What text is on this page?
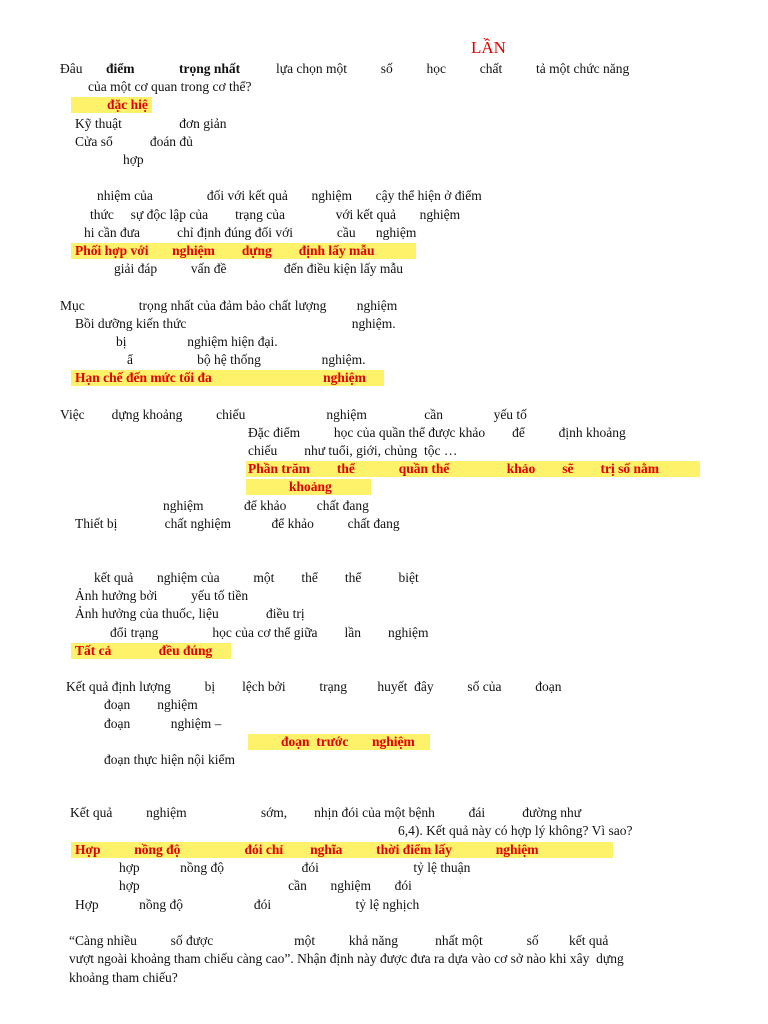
LẦN
Đâu điểm	trọng nhất	lựa chọn một          số          học          chất          tả một chức năng
của một cơ quan trong cơ thể?
đặc hiệ
Kỹ thuật                 đơn giản
Cửa sổ           đoán đủ
hợp
nhiệm của                đối với kết quả       nghiệm       cậy thể hiện ở điểm
thức     sự độc lập của        trạng của               với kết quả       nghiệm
hi cần đưa           chỉ định đúng đối với             cầu      nghiệm
Phối hợp với       nghiệm        dựng        định lấy mẫu
giải đáp          vấn đề                 đến điều kiện lấy mẫu
Mục                trọng nhất của đảm bảo chất lượng         nghiệm
Bồi dưỡng kiến thức                                                 nghiệm.
bị                  nghiệm hiện đại.
ẩ                   bộ hệ thống                  nghiệm.
Hạn chế đến mức tối đa                                 nghiệm
Việc        dựng khoảng          chiếu                        nghiệm                 cần               yếu tố
Đặc điểm          học của quần thể được khảo        để          định khoảng
chiếu        như tuổi, giới, chủng  tộc …
Phần trăm        thể             quần thể                 khảo        sẽ        trị số nằm
khoảng
nghiệm            để khảo         chất đang
Thiết bị              chất nghiệm            để khảo          chất đang
kết quả       nghiệm của          một        thể        thể           biệt
Ảnh hưởng bởi          yếu tố tiền
Ảnh hưởng của thuốc, liệu              điều trị
đổi trạng                học của cơ thể giữa        lần        nghiệm
Tất cả              đều đúng
Kết quả định lượng          bị        lệch bởi          trạng         huyết  đây          số của          đoạn
đoạn        nghiệm
đoạn            nghiệm –
đoạn  trước       nghiệm
đoạn thực hiện nội kiểm
Kết quả          nghiệm                      sớm,        nhịn đói của một bệnh          đái           đường như
6,4). Kết quả này có hợp lý không? Vì sao?
Hợp          nồng độ                   đói chỉ        nghĩa          thời điểm lấy             nghiệm
hợp            nồng độ                       đói                            tỷ lệ thuận
hợp                                            cần       nghiệm       đói
Hợp            nồng độ                     đói                         tỷ lệ nghịch
“Càng nhiều          số được                        một          khả năng           nhất một             số         kết quả
vượt ngoài khoảng tham chiếu càng cao”. Nhận định này được đưa ra dựa vào cơ sở nào khi xây  dựng
khoảng tham chiếu?
